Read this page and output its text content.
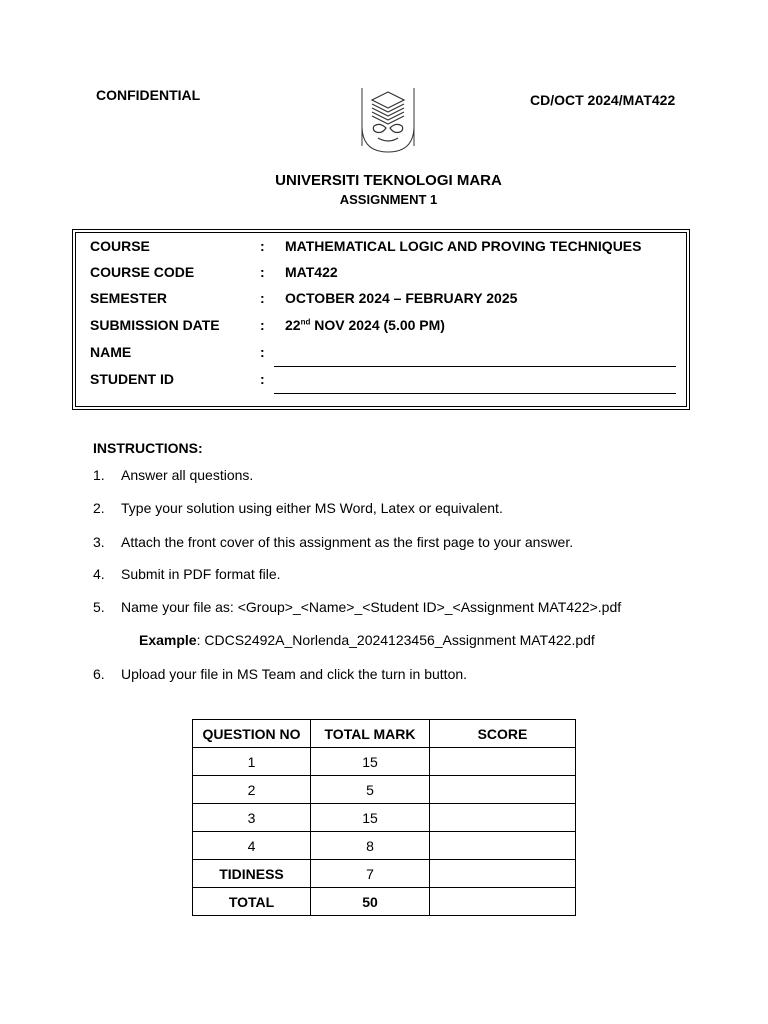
CONFIDENTIAL	CD/OCT 2024/MAT422
UNIVERSITI TEKNOLOGI MARA
ASSIGNMENT 1
COURSE	: MATHEMATICAL LOGIC AND PROVING TECHNIQUES
COURSE CODE	: MAT422
SEMESTER	: OCTOBER 2024 – FEBRUARY 2025
SUBMISSION DATE	: 22nd NOV 2024 (5.00 PM)
NAME	:
STUDENT ID	:
INSTRUCTIONS:
1. Answer all questions.
2. Type your solution using either MS Word, Latex or equivalent.
3. Attach the front cover of this assignment as the first page to your answer.
4. Submit in PDF format file.
5. Name your file as: <Group>_<Name>_<Student ID>_<Assignment MAT422>.pdf
Example: CDCS2492A_Norlenda_2024123456_Assignment MAT422.pdf
6. Upload your file in MS Team and click the turn in button.
QUESTION NO	TOTAL MARK	SCORE
1	15	
2	5	
3	15	
4	8	
TIDINESS	7	
TOTAL	50	
